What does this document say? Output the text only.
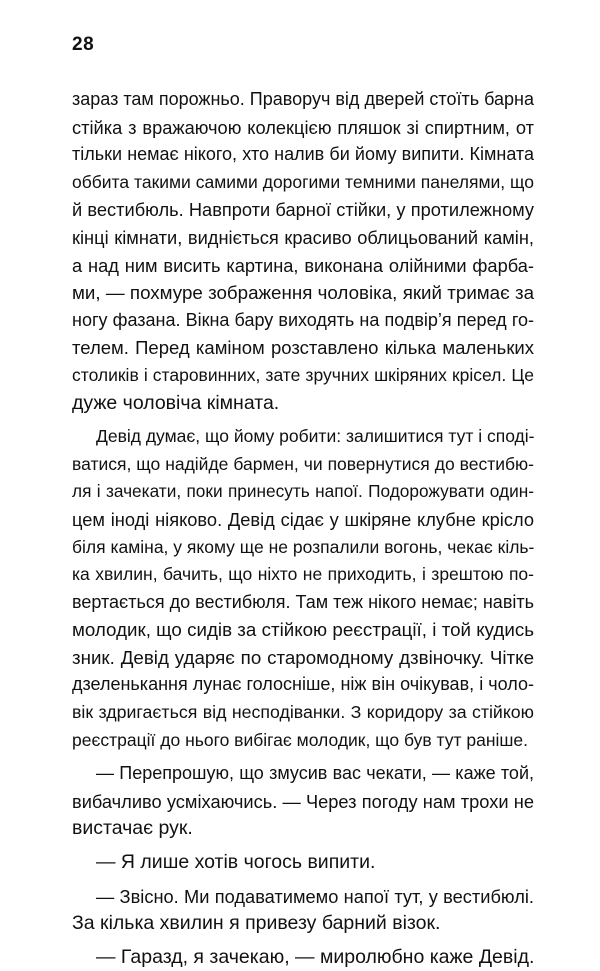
28
зараз там порожньо. Праворуч від дверей стоїть барна
стійка з вражаючою колекцією пляшок зі спиртним, от
тільки немає нікого, хто налив би йому випити. Кімната
оббита такими самими дорогими темними панелями, що
й вестибюль. Навпроти барної стійки, у протилежному
кінці кімнати, видніється красиво облицьований камін,
а над ним висить картина, виконана олійними фарба-
ми, — похмуре зображення чоловіка, який тримає за
ногу фазана. Вікна бару виходять на подвір’я перед го-
телем. Перед каміном розставлено кілька маленьких
столиків і старовинних, зате зручних шкіряних крісел. Це
дуже чоловіча кімната.
Девід думає, що йому робити: залишитися тут і споді-
ватися, що надійде бармен, чи повернутися до вестибю-
ля і зачекати, поки принесуть напої. Подорожувати один-
цем іноді ніяково. Девід сідає у шкіряне клубне крісло
біля каміна, у якому ще не розпалили вогонь, чекає кіль-
ка хвилин, бачить, що ніхто не приходить, і зрештою по-
вертається до вестибюля. Там теж нікого немає; навіть
молодик, що сидів за стійкою реєстрації, і той кудись
зник. Девід ударяє по старомодному дзвіночку. Чітке
дзеленькання лунає голосніше, ніж він очікував, і чоло-
вік здригається від несподіванки. З коридору за стійкою
реєстрації до нього вибігає молодик, що був тут раніше.
— Перепрошую, що змусив вас чекати, — каже той,
вибачливо усміхаючись. — Через погоду нам трохи не
вистачає рук.
— Я лише хотів чогось випити.
— Звісно. Ми подаватимемо напої тут, у вестибюлі.
За кілька хвилин я привезу барний візок.
— Гаразд, я зачекаю, — миролюбно каже Девід.
